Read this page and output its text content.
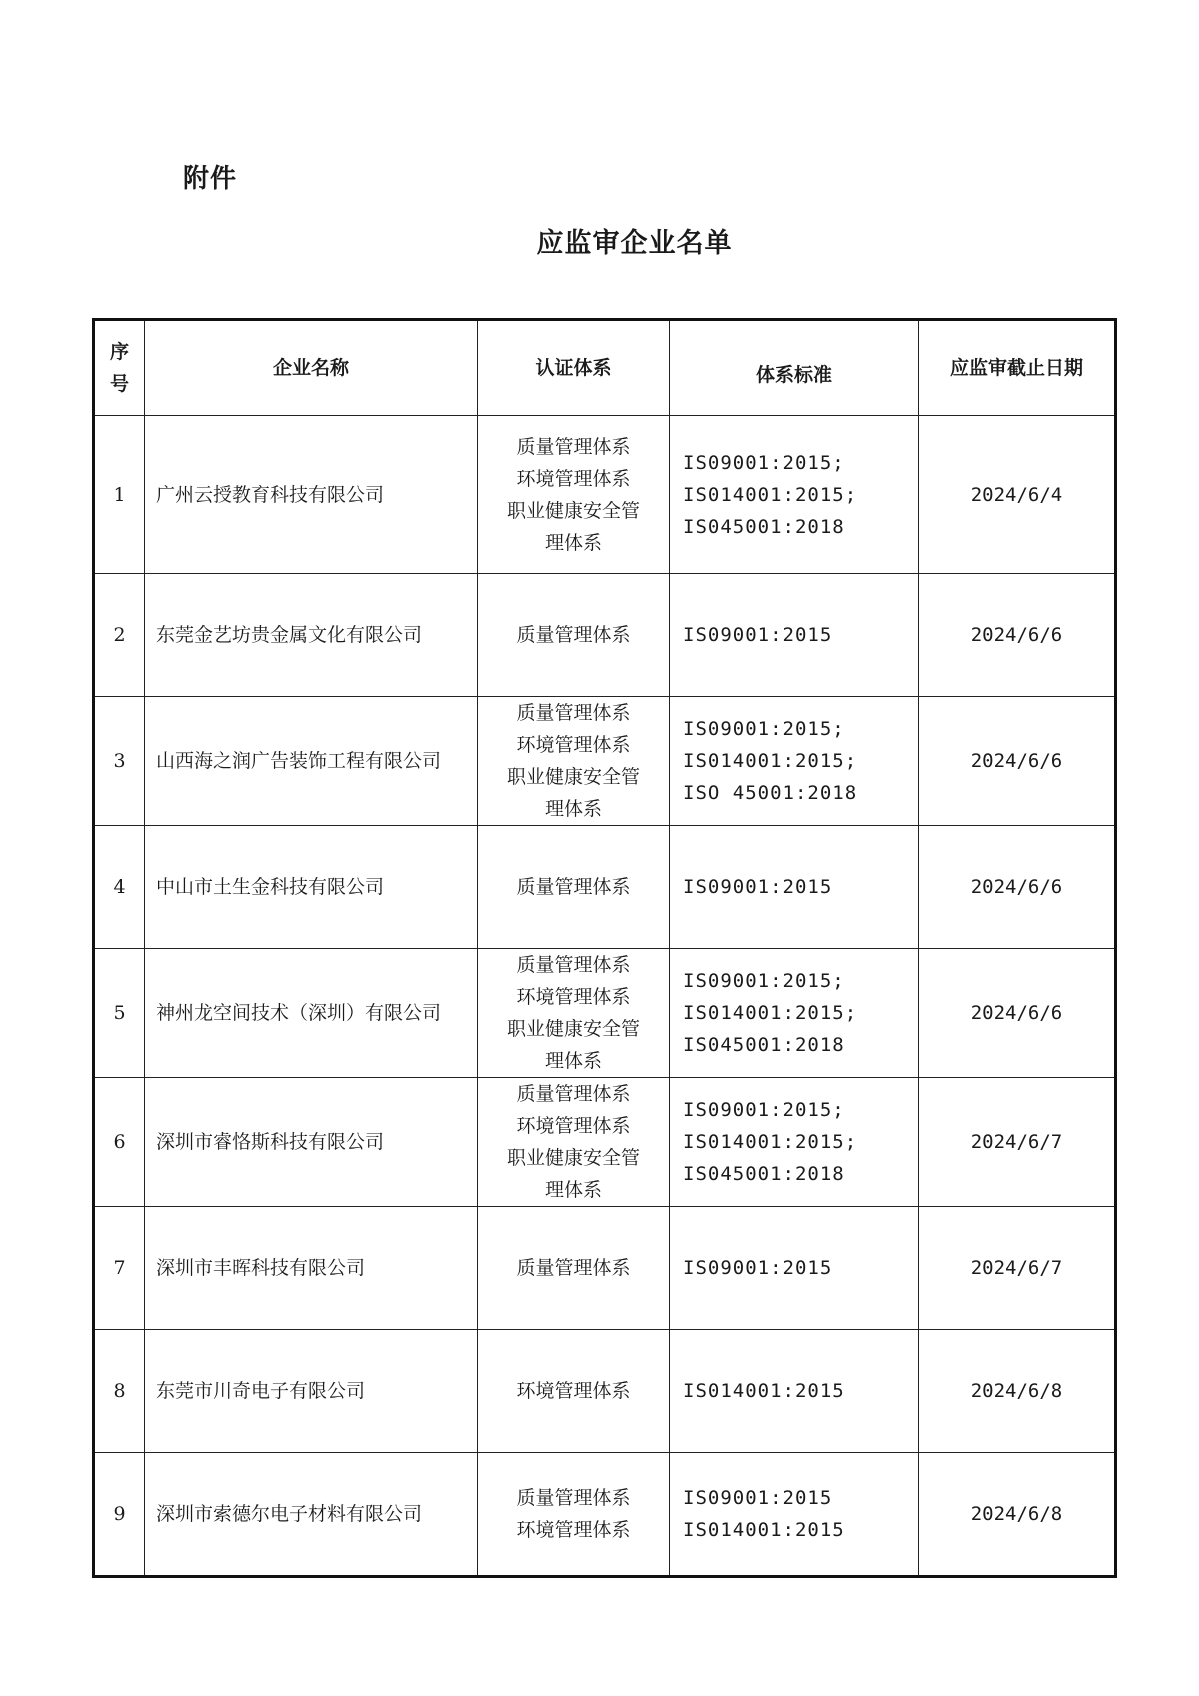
附件
应监审企业名单
序
号	企业名称	认证体系	体系标准	应监审截止日期
1	广州云授教育科技有限公司	质量管理体系
环境管理体系
职业健康安全管
理体系	IS09001:2015;
IS014001:2015;
IS045001:2018	2024/6/4
2	东莞金艺坊贵金属文化有限公司	质量管理体系	IS09001:2015	2024/6/6
3	山西海之润广告装饰工程有限公司	质量管理体系
环境管理体系
职业健康安全管
理体系	IS09001:2015;
IS014001:2015;
ISO 45001:2018	2024/6/6
4	中山市土生金科技有限公司	质量管理体系	IS09001:2015	2024/6/6
5	神州龙空间技术（深圳）有限公司	质量管理体系
环境管理体系
职业健康安全管
理体系	IS09001:2015;
IS014001:2015;
IS045001:2018	2024/6/6
6	深圳市睿恪斯科技有限公司	质量管理体系
环境管理体系
职业健康安全管
理体系	IS09001:2015;
IS014001:2015;
IS045001:2018	2024/6/7
7	深圳市丰晖科技有限公司	质量管理体系	IS09001:2015	2024/6/7
8	东莞市川奇电子有限公司	环境管理体系	IS014001:2015	2024/6/8
9	深圳市索德尔电子材料有限公司	质量管理体系
环境管理体系	IS09001:2015
IS014001:2015	2024/6/8
